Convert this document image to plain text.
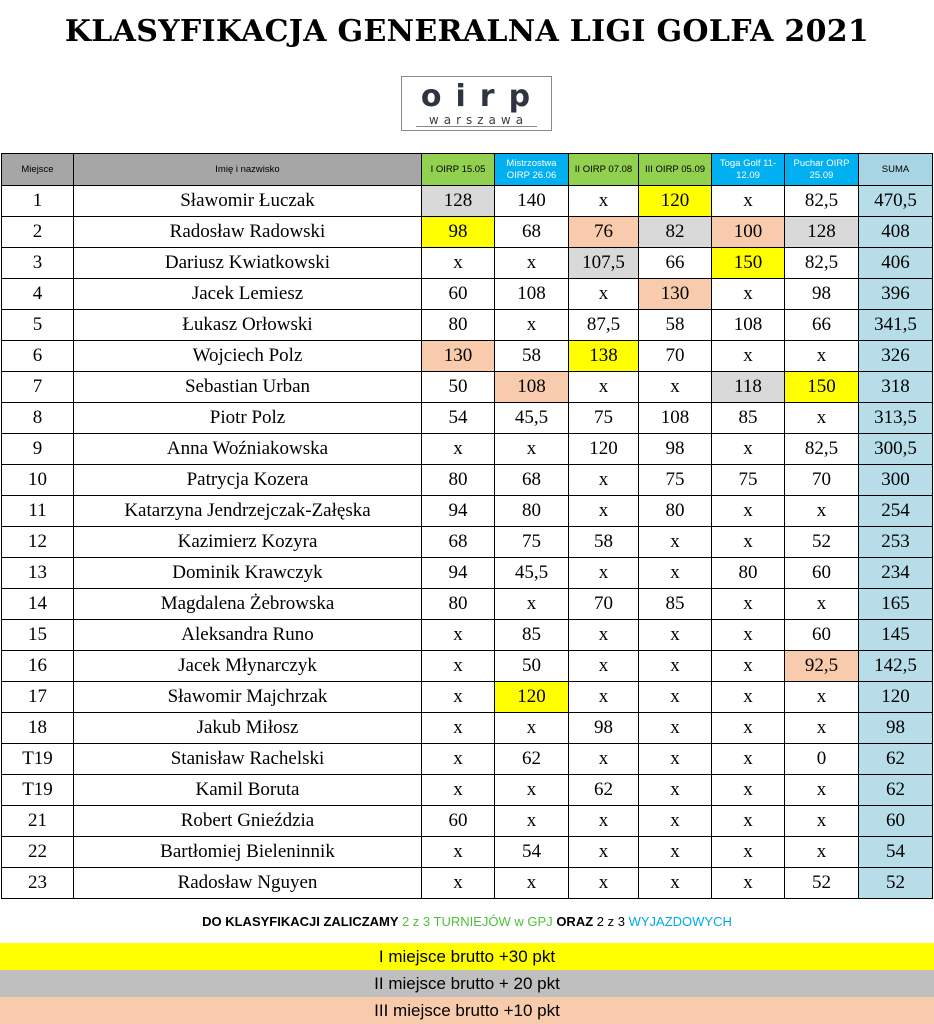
KLASYFIKACJA GENERALNA LIGI GOLFA 2021
oirp
warszawa
Miejsce	Imię i nazwisko	I OIRP 15.05	Mistrzostwa OIRP 26.06	II OIRP 07.08	III OIRP 05.09	Toga Golf 11-12.09	Puchar OIRP 25.09	SUMA
1	Sławomir Łuczak	128	140	x	120	x	82,5	470,5
2	Radosław Radowski	98	68	76	82	100	128	408
3	Dariusz Kwiatkowski	x	x	107,5	66	150	82,5	406
4	Jacek Lemiesz	60	108	x	130	x	98	396
5	Łukasz Orłowski	80	x	87,5	58	108	66	341,5
6	Wojciech Polz	130	58	138	70	x	x	326
7	Sebastian Urban	50	108	x	x	118	150	318
8	Piotr Polz	54	45,5	75	108	85	x	313,5
9	Anna Woźniakowska	x	x	120	98	x	82,5	300,5
10	Patrycja Kozera	80	68	x	75	75	70	300
11	Katarzyna Jendrzejczak-Załęska	94	80	x	80	x	x	254
12	Kazimierz Kozyra	68	75	58	x	x	52	253
13	Dominik Krawczyk	94	45,5	x	x	80	60	234
14	Magdalena Żebrowska	80	x	70	85	x	x	165
15	Aleksandra Runo	x	85	x	x	x	60	145
16	Jacek Młynarczyk	x	50	x	x	x	92,5	142,5
17	Sławomir Majchrzak	x	120	x	x	x	x	120
18	Jakub Miłosz	x	x	98	x	x	x	98
T19	Stanisław Rachelski	x	62	x	x	x	0	62
T19	Kamil Boruta	x	x	62	x	x	x	62
21	Robert Gnieździa	60	x	x	x	x	x	60
22	Bartłomiej Bieleninnik	x	54	x	x	x	x	54
23	Radosław Nguyen	x	x	x	x	x	52	52
DO KLASYFIKACJI ZALICZAMY 2 z 3 TURNIEJÓW w GPJ ORAZ 2 z 3 WYJAZDOWYCH
I miejsce brutto +30 pkt
II miejsce brutto + 20 pkt
III miejsce brutto +10 pkt
